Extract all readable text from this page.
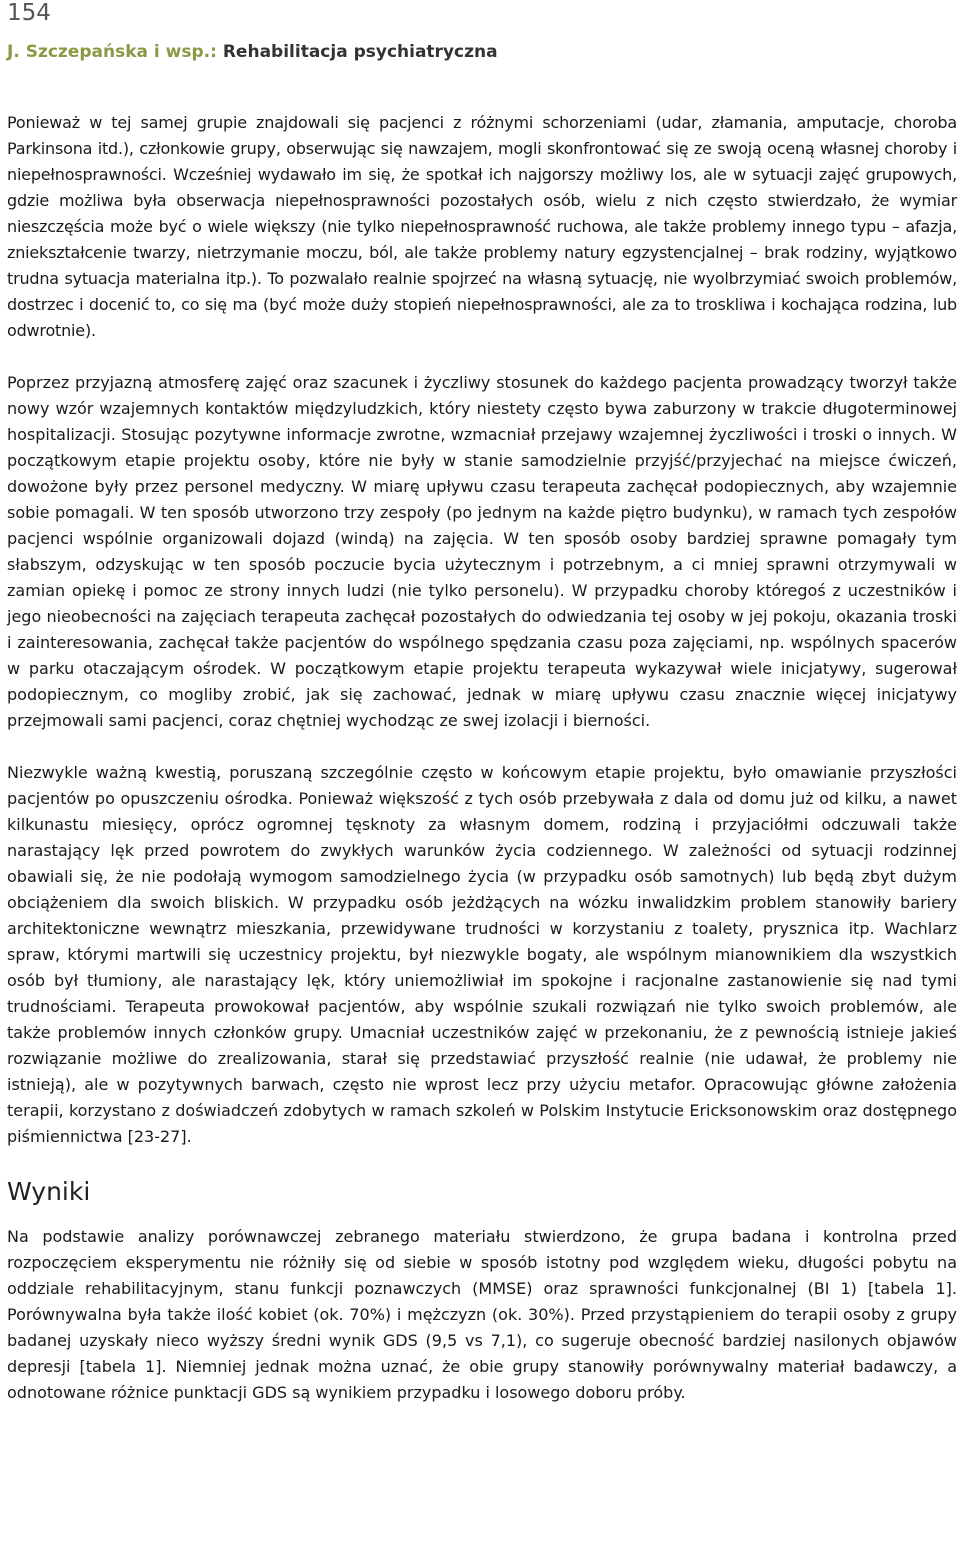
154

J. Szczepańska i wsp.: Rehabilitacja psychiatryczna

Ponieważ w tej samej grupie znajdowali się pacjenci z różnymi schorzeniami (udar, złamania, amputacje, choroba Parkinsona itd.), członkowie grupy, obserwując się nawzajem, mogli skonfrontować się ze swoją oceną własnej choroby i niepełnosprawności. Wcześniej wydawało im się, że spotkał ich najgorszy możliwy los, ale w sytuacji zajęć grupowych, gdzie możliwa była obserwacja niepełnosprawności pozostałych osób, wielu z nich często stwierdzało, że wymiar nieszczęścia może być o wiele większy (nie tylko niepełnosprawność ruchowa, ale także problemy innego typu – afazja, zniekształcenie twarzy, nietrzymanie moczu, ból, ale także problemy natury egzystencjalnej – brak rodziny, wyjątkowo trudna sytuacja materialna itp.). To pozwalało realnie spojrzeć na własną sytuację, nie wyolbrzymiać swoich problemów, dostrzec i docenić to, co się ma (być może duży stopień niepełnosprawności, ale za to troskliwa i kochająca rodzina, lub odwrotnie).

Poprzez przyjazną atmosferę zajęć oraz szacunek i życzliwy stosunek do każdego pacjenta prowadzący tworzył także nowy wzór wzajemnych kontaktów międzyludzkich, który niestety często bywa zaburzony w trakcie długoterminowej hospitalizacji. Stosując pozytywne informacje zwrotne, wzmacniał przejawy wzajemnej życzliwości i troski o innych. W początkowym etapie projektu osoby, które nie były w stanie samodzielnie przyjść/przyjechać na miejsce ćwiczeń, dowożone były przez personel medyczny. W miarę upływu czasu terapeuta zachęcał podopiecznych, aby wzajemnie sobie pomagali. W ten sposób utworzono trzy zespoły (po jednym na każde piętro budynku), w ramach tych zespołów pacjenci wspólnie organizowali dojazd (windą) na zajęcia. W ten sposób osoby bardziej sprawne pomagały tym słabszym, odzyskując w ten sposób poczucie bycia użytecznym i potrzebnym, a ci mniej sprawni otrzymywali w zamian opiekę i pomoc ze strony innych ludzi (nie tylko personelu). W przypadku choroby któregoś z uczestników i jego nieobecności na zajęciach terapeuta zachęcał pozostałych do odwiedzania tej osoby w jej pokoju, okazania troski i zainteresowania, zachęcał także pacjentów do wspólnego spędzania czasu poza zajęciami, np. wspólnych spacerów w parku otaczającym ośrodek. W początkowym etapie projektu terapeuta wykazywał wiele inicjatywy, sugerował podopiecznym, co mogliby zrobić, jak się zachować, jednak w miarę upływu czasu znacznie więcej inicjatywy przejmowali sami pacjenci, coraz chętniej wychodząc ze swej izolacji i bierności.

Niezwykle ważną kwestią, poruszaną szczególnie często w końcowym etapie projektu, było omawianie przyszłości pacjentów po opuszczeniu ośrodka. Ponieważ większość z tych osób przebywała z dala od domu już od kilku, a nawet kilkunastu miesięcy, oprócz ogromnej tęsknoty za własnym domem, rodziną i przyjaciółmi odczuwali także narastający lęk przed powrotem do zwykłych warunków życia codziennego. W zależności od sytuacji rodzinnej obawiali się, że nie podołają wymogom samodzielnego życia (w przypadku osób samotnych) lub będą zbyt dużym obciążeniem dla swoich bliskich. W przypadku osób jeżdżących na wózku inwalidzkim problem stanowiły bariery architektoniczne wewnątrz mieszkania, przewidywane trudności w korzystaniu z toalety, prysznica itp. Wachlarz spraw, którymi martwili się uczestnicy projektu, był niezwykle bogaty, ale wspólnym mianownikiem dla wszystkich osób był tłumiony, ale narastający lęk, który uniemożliwiał im spokojne i racjonalne zastanowienie się nad tymi trudnościami. Terapeuta prowokował pacjentów, aby wspólnie szukali rozwiązań nie tylko swoich problemów, ale także problemów innych członków grupy. Umacniał uczestników zajęć w przekonaniu, że z pewnością istnieje jakieś rozwiązanie możliwe do zrealizowania, starał się przedstawiać przyszłość realnie (nie udawał, że problemy nie istnieją), ale w pozytywnych barwach, często nie wprost lecz przy użyciu metafor. Opracowując główne założenia terapii, korzystano z doświadczeń zdobytych w ramach szkoleń w Polskim Instytucie Ericksonowskim oraz dostępnego piśmiennictwa [23-27].

Wyniki

Na podstawie analizy porównawczej zebranego materiału stwierdzono, że grupa badana i kontrolna przed rozpoczęciem eksperymentu nie różniły się od siebie w sposób istotny pod względem wieku, długości pobytu na oddziale rehabilitacyjnym, stanu funkcji poznawczych (MMSE) oraz sprawności funkcjonalnej (BI 1) [tabela 1]. Porównywalna była także ilość kobiet (ok. 70%) i mężczyzn (ok. 30%). Przed przystąpieniem do terapii osoby z grupy badanej uzyskały nieco wyższy średni wynik GDS (9,5 vs 7,1), co sugeruje obecność bardziej nasilonych objawów depresji [tabela 1]. Niemniej jednak można uznać, że obie grupy stanowiły porównywalny materiał badawczy, a odnotowane różnice punktacji GDS są wynikiem przypadku i losowego doboru próby.
